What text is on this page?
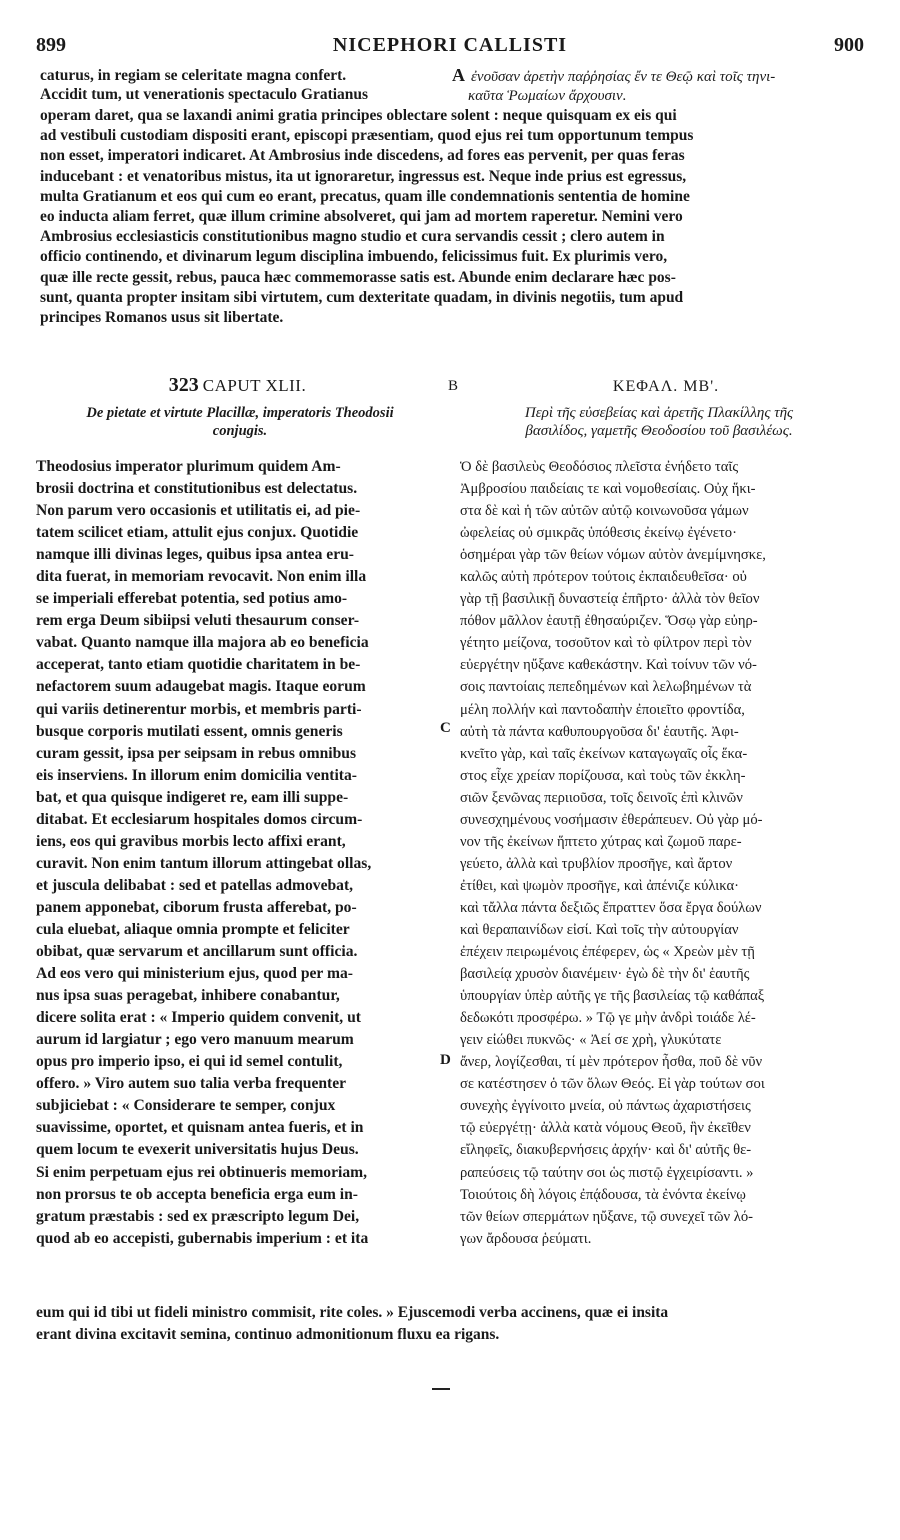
899	NICEPHORI CALLISTI	900
caturus, in regiam se celeritate magna confert.
Accidit tum, ut venerationis spectaculo Gratianus
A ἐνοῦσαν ἀρετὴν παῤῥησίας ἔν τε Θεῷ καὶ τοῖς τηνι-
καῦτα Ῥωμαίων ἄρχουσιν.
operam daret, qua se laxandi animi gratia principes oblectare solent : neque quisquam ex eis qui
ad vestibuli custodiam dispositi erant, episcopi præsentiam, quod ejus rei tum opportunum tempus
non esset, imperatori indicaret. At Ambrosius inde discedens, ad fores eas pervenit, per quas feras
inducebant : et venatoribus mistus, ita ut ignoraretur, ingressus est. Neque inde prius est egressus,
multa Gratianum et eos qui cum eo erant, precatus, quam ille condemnationis sententia de homine
eo inducta aliam ferret, quæ illum crimine absolveret, qui jam ad mortem raperetur. Nemini vero
Ambrosius ecclesiasticis constitutionibus magno studio et cura servandis cessit ; clero autem in
officio continendo, et divinarum legum disciplina imbuendo, felicissimus fuit. Ex plurimis vero,
quæ ille recte gessit, rebus, pauca hæc commemorasse satis est. Abunde enim declarare hæc pos-
sunt, quanta propter insitam sibi virtutem, cum dexteritate quadam, in divinis negotiis, tum apud
principes Romanos usus sit libertate.
323 CAPUT XLII.	B	ΚΕΦΑΛ. ΜΒ'.
De pietate et virtute Placillæ, imperatoris Theodosii
conjugis.
Περὶ τῆς εὐσεβείας καὶ ἀρετῆς Πλακίλλης τῆς
βασιλίδος, γαμετῆς Θεοδοσίου τοῦ βασιλέως.
Theodosius imperator plurimum quidem Am-
brosii doctrina et constitutionibus est delectatus.
Non parum vero occasionis et utilitatis ei, ad pie-
tatem scilicet etiam, attulit ejus conjux. Quotidie
namque illi divinas leges, quibus ipsa antea eru-
dita fuerat, in memoriam revocavit. Non enim illa
se imperiali efferebat potentia, sed potius amo-
rem erga Deum sibiipsi veluti thesaurum conser-
vabat. Quanto namque illa majora ab eo beneficia
acceperat, tanto etiam quotidie charitatem in be-
nefactorem suum adaugebat magis. Itaque eorum
qui variis detinerentur morbis, et membris parti-
busque corporis mutilati essent, omnis generis
curam gessit, ipsa per seipsam in rebus omnibus
eis inserviens. In illorum enim domicilia ventita-
bat, et qua quisque indigeret re, eam illi suppe-
ditabat. Et ecclesiarum hospitales domos circum-
iens, eos qui gravibus morbis lecto affixi erant,
curavit. Non enim tantum illorum attingebat ollas,
et juscula delibabat : sed et patellas admovebat,
panem apponebat, ciborum frusta afferebat, po-
cula eluebat, aliaque omnia prompte et feliciter
obibat, quæ servarum et ancillarum sunt officia.
Ad eos vero qui ministerium ejus, quod per ma-
nus ipsa suas peragebat, inhibere conabantur,
dicere solita erat : « Imperio quidem convenit, ut
aurum id largiatur ; ego vero manuum mearum
opus pro imperio ipso, ei qui id semel contulit,
offero. » Viro autem suo talia verba frequenter
subjiciebat : « Considerare te semper, conjux
suavissime, oportet, et quisnam antea fueris, et in
quem locum te evexerit universitatis hujus Deus.
Si enim perpetuam ejus rei obtinueris memoriam,
non prorsus te ob accepta beneficia erga eum in-
gratum præstabis : sed ex præscripto legum Dei,
quod ab eo accepisti, gubernabis imperium : et ita
Ὁ δὲ βασιλεὺς Θεοδόσιος πλεῖστα ἐνήδετο ταῖς
Ἀμβροσίου παιδείαις τε καὶ νομοθεσίαις. Οὐχ ἥκι-
στα δὲ καὶ ἡ τῶν αὐτῶν αὐτῷ κοινωνοῦσα γάμων
ὠφελείας οὐ σμικρᾶς ὑπόθεσις ἐκείνῳ ἐγένετο·
ὁσημέραι γὰρ τῶν θείων νόμων αὐτὸν ἀνεμίμνησκε,
καλῶς αὐτὴ πρότερον τούτοις ἐκπαιδευθεῖσα· οὐ
γὰρ τῇ βασιλικῇ δυναστείᾳ ἐπῆρτο· ἀλλὰ τὸν θεῖον
πόθον μᾶλλον ἑαυτῇ ἐθησαύριζεν. Ὅσῳ γὰρ εὐηρ-
γέτητο μείζονα, τοσοῦτον καὶ τὸ φίλτρον περὶ τὸν
εὐεργέτην ηὔξανε καθεκάστην. Καὶ τοίνυν τῶν νό-
σοις παντοίαις πεπεδημένων καὶ λελωβημένων τὰ
μέλη πολλήν καὶ παντοδαπὴν ἐποιεῖτο φροντίδα,
αὐτὴ τὰ πάντα καθυπουργοῦσα δι' ἑαυτῆς. Ἀφι-
κνεῖτο γὰρ, καὶ ταῖς ἐκείνων καταγωγαῖς οἷς ἕκα-
στος εἶχε χρείαν πορίζουσα, καὶ τοὺς τῶν ἐκκλη-
σιῶν ξενῶνας περιιοῦσα, τοῖς δεινοῖς ἐπὶ κλινῶν
συνεσχημένους νοσήμασιν ἐθεράπευεν. Οὐ γὰρ μό-
νον τῆς ἐκείνων ἥπτετο χύτρας καὶ ζωμοῦ παρε-
γεύετο, ἀλλὰ καὶ τρυβλίον προσῆγε, καὶ ἄρτον
ἐτίθει, καὶ ψωμὸν προσῆγε, καὶ ἀπένιζε κύλικα·
καὶ τἄλλα πάντα δεξιῶς ἔπραττεν ὅσα ἔργα δούλων
καὶ θεραπαινίδων εἰσί. Καὶ τοῖς τὴν αὐτουργίαν
ἐπέχειν πειρωμένοις ἐπέφερεν, ὡς « Χρεὼν μὲν τῇ
βασιλείᾳ χρυσὸν διανέμειν· ἐγὼ δὲ τὴν δι' ἑαυτῆς
ὑπουργίαν ὑπὲρ αὐτῆς γε τῆς βασιλείας τῷ καθάπαξ
δεδωκότι προσφέρω. » Τῷ γε μὴν ἀνδρὶ τοιάδε λέ-
γειν εἰώθει πυκνῶς· « Ἀεί σε χρὴ, γλυκύτατε
ἄνερ, λογίζεσθαι, τί μὲν πρότερον ἦσθα, ποῦ δὲ νῦν
σε κατέστησεν ὁ τῶν ὅλων Θεός. Εἰ γὰρ τούτων σοι
συνεχὴς ἐγγίνοιτο μνεία, οὐ πάντως ἀχαριστήσεις
τῷ εὐεργέτῃ· ἀλλὰ κατὰ νόμους Θεοῦ, ἣν ἐκεῖθεν
εἴληφεῖς, διακυβερνήσεις ἀρχήν· καὶ δι' αὐτῆς θε-
ραπεύσεις τῷ ταύτην σοι ὡς πιστῷ ἐγχειρίσαντι. »
Τοιούτοις δὴ λόγοις ἐπᾴδουσα, τὰ ἐνόντα ἐκείνῳ
τῶν θείων σπερμάτων ηὔξανε, τῷ συνεχεῖ τῶν λό-
γων ἄρδουσα ῥεύματι.
C
D
eum qui id tibi ut fideli ministro commisit, rite coles. » Ejuscemodi verba accinens, quæ ei insita
erant divina excitavit semina, continuo admonitionum fluxu ea rigans.
